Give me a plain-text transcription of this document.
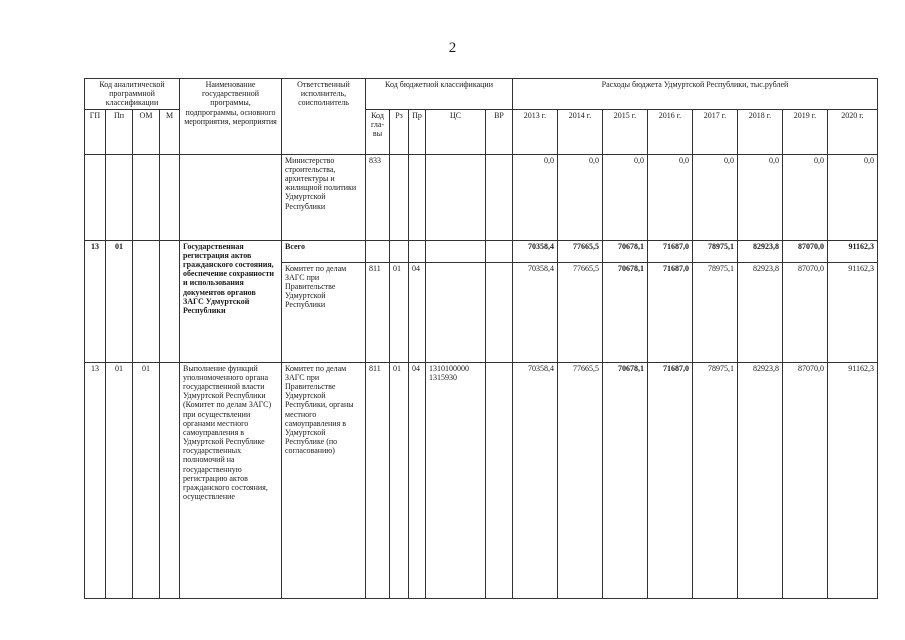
2
Код аналитической программной классификации				Наименование государственной программы, подпрограммы, основного мероприятия, мероприятия	Ответственный исполнитель, соисполнитель	Код бюджетной классификации					Расходы бюджета Удмуртской Республики, тыс.рублей							
ГП	Пп	ОМ	М			Код гла-вы	Рз	Пр	ЦС	ВР	2013 г.	2014 г.	2015 г.	2016 г.	2017 г.	2018 г.	2019 г.	2020 г.
					Министерство строительства, архитектуры и жилищной политики Удмуртской Республики	833					0,0	0,0	0,0	0,0	0,0	0,0	0,0	0,0
13	01			Государственная регистрация актов гражданского состояния, обеспечение сохранности и использования документов органов ЗАГС Удмуртской Республики	Всего						70358,4	77665,5	70678,1	71687,0	78975,1	82923,8	87070,0	91162,3
					Комитет по делам ЗАГС при Правительстве Удмуртской Республики	811	01	04			70358,4	77665,5	70678,1	71687,0	78975,1	82923,8	87070,0	91162,3
13	01	01		Выполнение функций уполномоченного органа государственной власти Удмуртской Республики (Комитет по делам ЗАГС) при осуществлении органами местного самоуправления в Удмуртской Республике государственных полномочий на государственную регистрацию актов гражданского состояния, осуществление	Комитет по делам ЗАГС при Правительстве Удмуртской Республики, органы местного самоуправления в Удмуртской Республике (по согласованию)	811	01	04	1310100000 1315930		70358,4	77665,5	70678,1	71687,0	78975,1	82923,8	87070,0	91162,3
